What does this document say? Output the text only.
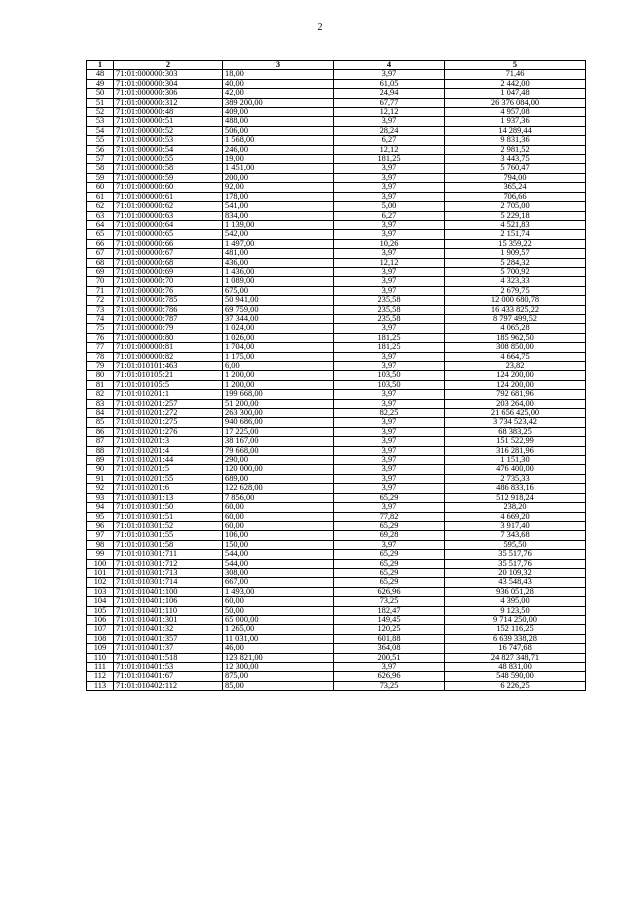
2
1	2	3	4	5
48	71:01:000000:303	18,00	3,97	71,46
49	71:01:000000:304	40,00	61,05	2 442,00
50	71:01:000000:306	42,00	24,94	1 047,48
51	71:01:000000:312	389 200,00	67,77	26 376 084,00
52	71:01:000000:48	409,00	12,12	4 957,08
53	71:01:000000:51	488,00	3,97	1 937,36
54	71:01:000000:52	506,00	28,24	14 289,44
55	71:01:000000:53	1 568,00	6,27	9 831,36
56	71:01:000000:54	246,00	12,12	2 981,52
57	71:01:000000:55	19,00	181,25	3 443,75
58	71:01:000000:58	1 451,00	3,97	5 760,47
59	71:01:000000:59	200,00	3,97	794,00
60	71:01:000000:60	92,00	3,97	365,24
61	71:01:000000:61	178,00	3,97	706,66
62	71:01:000000:62	541,00	5,00	2 705,00
63	71:01:000000:63	834,00	6,27	5 229,18
64	71:01:000000:64	1 139,00	3,97	4 521,83
65	71:01:000000:65	542,00	3,97	2 151,74
66	71:01:000000:66	1 497,00	10,26	15 359,22
67	71:01:000000:67	481,00	3,97	1 909,57
68	71:01:000000:68	436,00	12,12	5 284,32
69	71:01:000000:69	1 436,00	3,97	5 700,92
70	71:01:000000:70	1 089,00	3,97	4 323,33
71	71:01:000000:76	675,00	3,97	2 679,75
72	71:01:000000:785	50 941,00	235,58	12 000 680,78
73	71:01:000000:786	69 759,00	235,58	16 433 825,22
74	71:01:000000:787	37 344,00	235,58	8 797 499,52
75	71:01:000000:79	1 024,00	3,97	4 065,28
76	71:01:000000:80	1 026,00	181,25	185 962,50
77	71:01:000000:81	1 704,00	181,25	308 850,00
78	71:01:000000:82	1 175,00	3,97	4 664,75
79	71:01:010101:463	6,00	3,97	23,82
80	71:01:010105:21	1 200,00	103,50	124 200,00
81	71:01:010105:5	1 200,00	103,50	124 200,00
82	71:01:010201:1	199 668,00	3,97	792 681,96
83	71:01:010201:257	51 200,00	3,97	203 264,00
84	71:01:010201:272	263 300,00	82,25	21 656 425,00
85	71:01:010201:275	940 686,00	3,97	3 734 523,42
86	71:01:010201:276	17 225,00	3,97	68 383,25
87	71:01:010201:3	38 167,00	3,97	151 522,99
88	71:01:010201:4	79 668,00	3,97	316 281,96
89	71:01:010201:44	290,00	3,97	1 151,30
90	71:01:010201:5	120 000,00	3,97	476 400,00
91	71:01:010201:55	689,00	3,97	2 735,33
92	71:01:010201:6	122 628,00	3,97	486 833,16
93	71:01:010301:13	7 856,00	65,29	512 918,24
94	71:01:010301:50	60,00	3,97	238,20
95	71:01:010301:51	60,00	77,82	4 669,20
96	71:01:010301:52	60,00	65,29	3 917,40
97	71:01:010301:55	106,00	69,28	7 343,68
98	71:01:010301:58	150,00	3,97	595,50
99	71:01:010301:711	544,00	65,29	35 517,76
100	71:01:010301:712	544,00	65,29	35 517,76
101	71:01:010301:713	308,00	65,29	20 109,32
102	71:01:010301:714	667,00	65,29	43 548,43
103	71:01:010401:100	1 493,00	626,96	936 051,28
104	71:01:010401:106	60,00	73,25	4 395,00
105	71:01:010401:110	50,00	182,47	9 123,50
106	71:01:010401:301	65 000,00	149,45	9 714 250,00
107	71:01:010401:32	1 265,00	120,25	152 116,25
108	71:01:010401:357	11 031,00	601,88	6 639 338,28
109	71:01:010401:37	46,00	364,08	16 747,68
110	71:01:010401:518	123 821,00	200,51	24 827 348,71
111	71:01:010401:53	12 300,00	3,97	48 831,00
112	71:01:010401:67	875,00	626,96	548 590,00
113	71:01:010402:112	85,00	73,25	6 226,25
